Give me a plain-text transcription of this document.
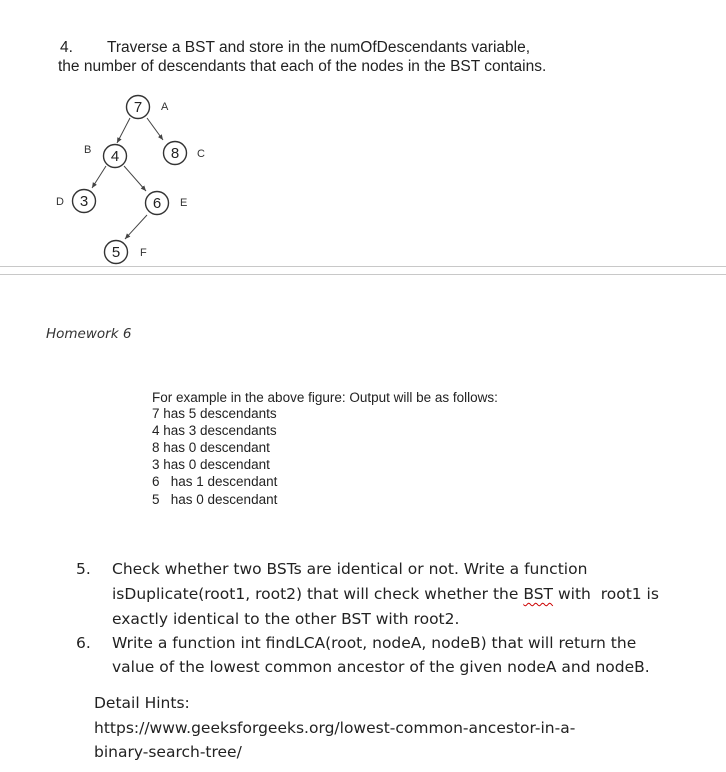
4. Traverse a BST and store in the numOfDescendants variable,
the number of descendants that each of the nodes in the BST contains.
7 A
4
B	8 C
3
D	6 E
5 F
Homework 6
For example in the above figure: Output will be as follows:
7 has 5 descendants
4 has 3 descendants
8 has 0 descendant
3 has 0 descendant
6   has 1 descendant
5   has 0 descendant
5. Check whether two BSTs are identical or not. Write a function
isDuplicate(root1, root2) that will check whether the BST with  root1 is
exactly identical to the other BST with root2.
6. Write a function int findLCA(root, nodeA, nodeB) that will return the
value of the lowest common ancestor of the given nodeA and nodeB.
Detail Hints:
https://www.geeksforgeeks.org/lowest-common-ancestor-in-a-
binary-search-tree/
